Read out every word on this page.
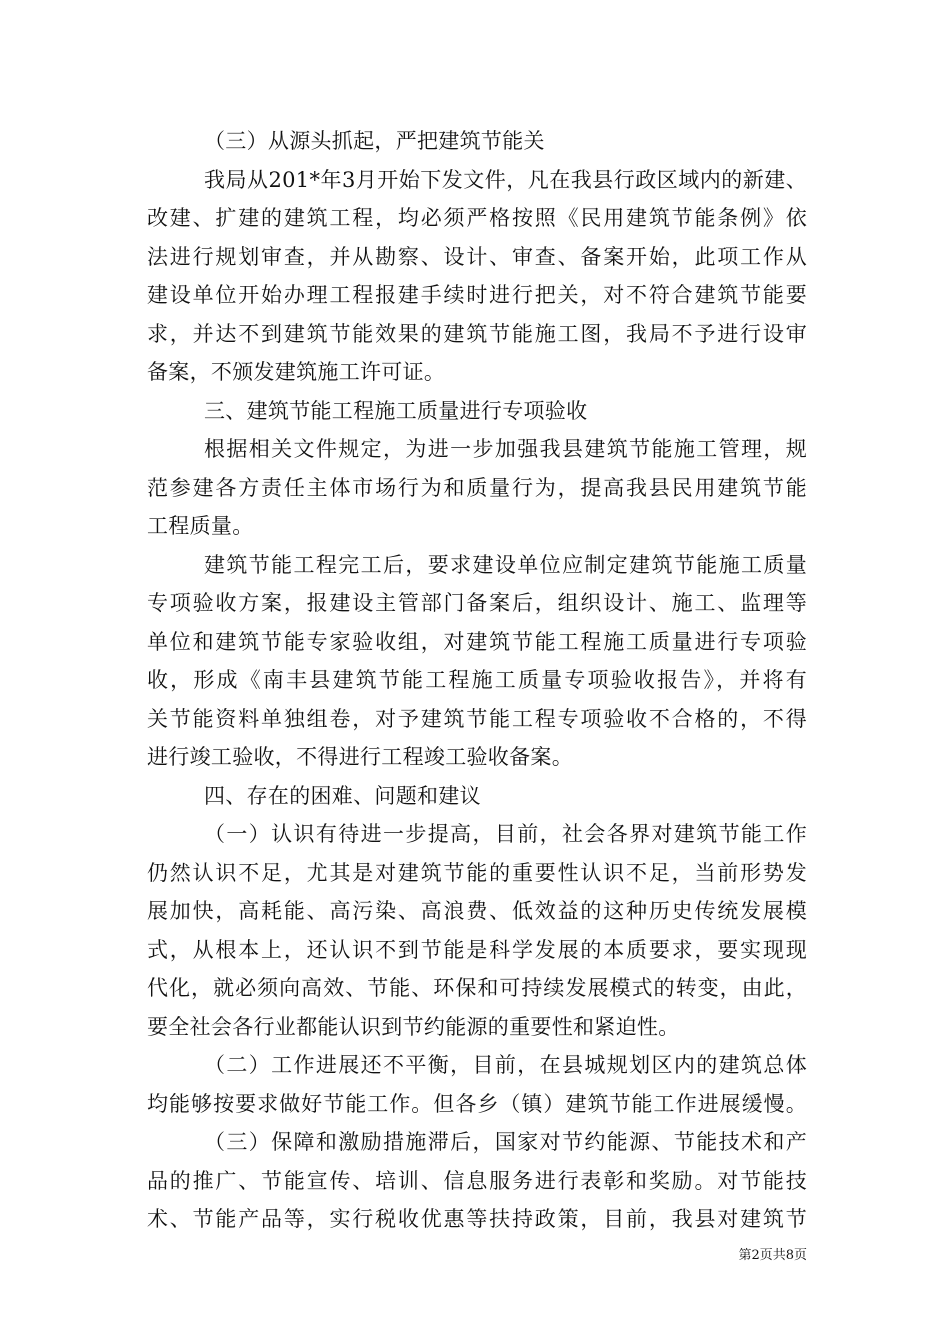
（三）从源头抓起，严把建筑节能关
我局从201*年3月开始下发文件，凡在我县行政区域内的新建、
改建、扩建的建筑工程，均必须严格按照《民用建筑节能条例》依
法进行规划审查，并从勘察、设计、审查、备案开始，此项工作从
建设单位开始办理工程报建手续时进行把关，对不符合建筑节能要
求，并达不到建筑节能效果的建筑节能施工图，我局不予进行设审
备案，不颁发建筑施工许可证。
三、建筑节能工程施工质量进行专项验收
根据相关文件规定，为进一步加强我县建筑节能施工管理，规
范参建各方责任主体市场行为和质量行为，提高我县民用建筑节能
工程质量。
建筑节能工程完工后，要求建设单位应制定建筑节能施工质量
专项验收方案，报建设主管部门备案后，组织设计、施工、监理等
单位和建筑节能专家验收组，对建筑节能工程施工质量进行专项验
收，形成《南丰县建筑节能工程施工质量专项验收报告》，并将有
关节能资料单独组卷，对予建筑节能工程专项验收不合格的，不得
进行竣工验收，不得进行工程竣工验收备案。
四、存在的困难、问题和建议
（一）认识有待进一步提高，目前，社会各界对建筑节能工作
仍然认识不足，尤其是对建筑节能的重要性认识不足，当前形势发
展加快，高耗能、高污染、高浪费、低效益的这种历史传统发展模
式，从根本上，还认识不到节能是科学发展的本质要求，要实现现
代化，就必须向高效、节能、环保和可持续发展模式的转变，由此，
要全社会各行业都能认识到节约能源的重要性和紧迫性。
（二）工作进展还不平衡，目前，在县城规划区内的建筑总体
均能够按要求做好节能工作。但各乡（镇）建筑节能工作进展缓慢。
（三）保障和激励措施滞后，国家对节约能源、节能技术和产
品的推广、节能宣传、培训、信息服务进行表彰和奖励。对节能技
术、节能产品等，实行税收优惠等扶持政策，目前，我县对建筑节
第2页共8页
